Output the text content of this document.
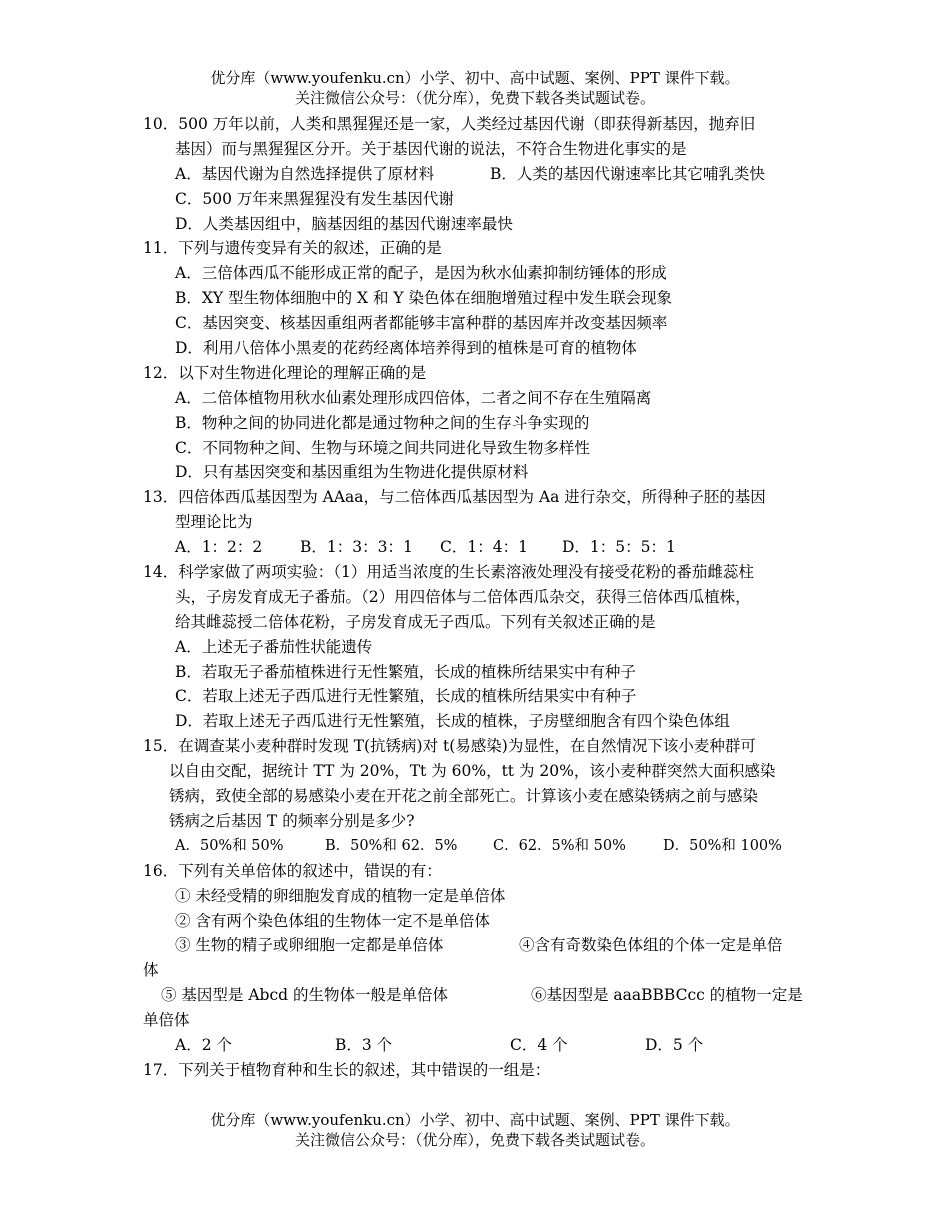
优分库（www.youfenku.cn）小学、初中、高中试题、案例、PPT 课件下载。
关注微信公众号：（优分库），免费下载各类试题试卷。
10．500 万年以前，人类和黑猩猩还是一家，人类经过基因代谢（即获得新基因，抛弃旧
基因）而与黑猩猩区分开。关于基因代谢的说法，不符合生物进化事实的是
A．基因代谢为自然选择提供了原材料	B．人类的基因代谢速率比其它哺乳类快
C．500 万年来黑猩猩没有发生基因代谢
D．人类基因组中，脑基因组的基因代谢速率最快
11．下列与遗传变异有关的叙述，正确的是
A．三倍体西瓜不能形成正常的配子，是因为秋水仙素抑制纺锤体的形成
B．XY 型生物体细胞中的 X 和 Y 染色体在细胞增殖过程中发生联会现象
C．基因突变、核基因重组两者都能够丰富种群的基因库并改变基因频率
D．利用八倍体小黑麦的花药经离体培养得到的植株是可育的植物体
12．以下对生物进化理论的理解正确的是
A．二倍体植物用秋水仙素处理形成四倍体，二者之间不存在生殖隔离
B．物种之间的协同进化都是通过物种之间的生存斗争实现的
C．不同物种之间、生物与环境之间共同进化导致生物多样性
D．只有基因突变和基因重组为生物进化提供原材料
13．四倍体西瓜基因型为 AAaa，与二倍体西瓜基因型为 Aa 进行杂交，所得种子胚的基因
型理论比为
A．1：2：2 B．1：3：3：1 C．1：4：1 D．1：5：5：1
14．科学家做了两项实验：（1）用适当浓度的生长素溶液处理没有接受花粉的番茄雌蕊柱
头，子房发育成无子番茄。（2）用四倍体与二倍体西瓜杂交，获得三倍体西瓜植株，
给其雌蕊授二倍体花粉，子房发育成无子西瓜。下列有关叙述正确的是
A．上述无子番茄性状能遗传
B．若取无子番茄植株进行无性繁殖，长成的植株所结果实中有种子
C．若取上述无子西瓜进行无性繁殖，长成的植株所结果实中有种子
D．若取上述无子西瓜进行无性繁殖，长成的植株，子房壁细胞含有四个染色体组
15．在调查某小麦种群时发现 T(抗锈病)对 t(易感染)为显性，在自然情况下该小麦种群可
以自由交配，据统计 TT 为 20%，Tt 为 60%，tt 为 20%，该小麦种群突然大面积感染
锈病，致使全部的易感染小麦在开花之前全部死亡。计算该小麦在感染锈病之前与感染
锈病之后基因 T 的频率分别是多少?
A．50%和 50%	B．50%和 62．5% C．62．5%和 50%	D．50%和 100%
16．下列有关单倍体的叙述中，错误的有：
① 未经受精的卵细胞发育成的植物一定是单倍体
② 含有两个染色体组的生物体一定不是单倍体
③ 生物的精子或卵细胞一定都是单倍体	④含有奇数染色体组的个体一定是单倍
体
⑤ 基因型是 Abcd 的生物体一般是单倍体	⑥基因型是 aaaBBBCcc 的植物一定是
单倍体
A．2 个	B．3 个	C．4 个	D．5 个
17．下列关于植物育种和生长的叙述，其中错误的一组是：
优分库（www.youfenku.cn）小学、初中、高中试题、案例、PPT 课件下载。
关注微信公众号：（优分库），免费下载各类试题试卷。
